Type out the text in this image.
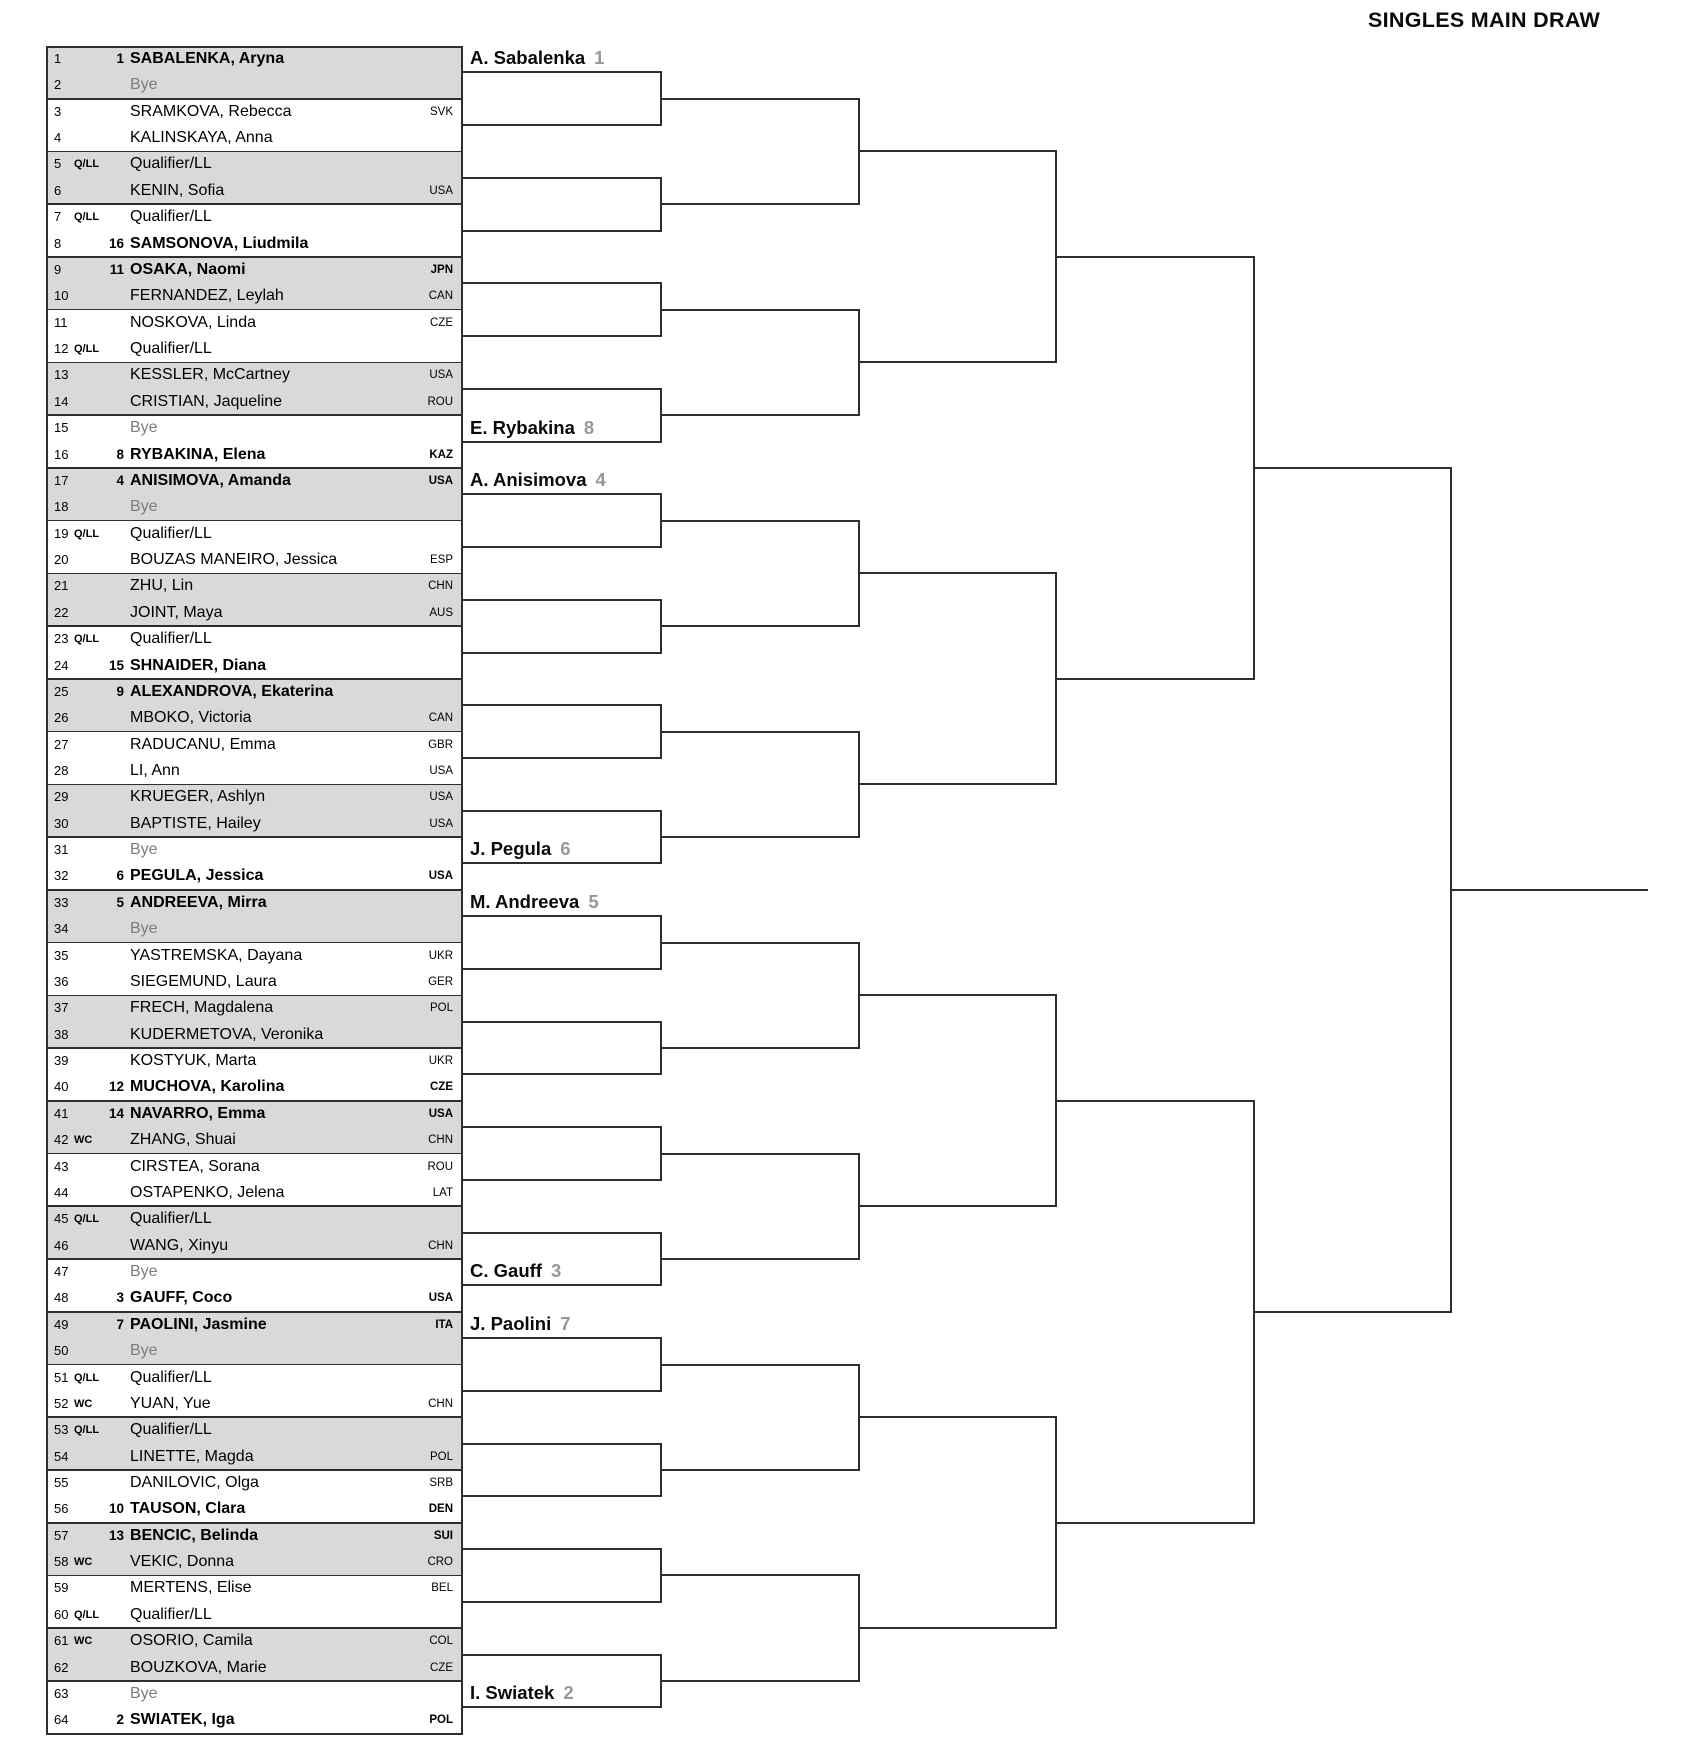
SINGLES MAIN DRAW
1	1 SABALENKA, Aryna
2	Bye
3	SRAMKOVA, Rebecca	SVK
4	KALINSKAYA, Anna
5 Q/LL Qualifier/LL
6	KENIN, Sofia	USA
7 Q/LL Qualifier/LL
8	16 SAMSONOVA, Liudmila
9	11 OSAKA, Naomi	JPN
10	FERNANDEZ, Leylah	CAN
11	NOSKOVA, Linda	CZE
12 Q/LL Qualifier/LL
13	KESSLER, McCartney	USA
14	CRISTIAN, Jaqueline	ROU
15	Bye
16	8 RYBAKINA, Elena	KAZ
17	4 ANISIMOVA, Amanda	USA
18	Bye
19 Q/LL Qualifier/LL
20	BOUZAS MANEIRO, Jessica	ESP
21	ZHU, Lin	CHN
22	JOINT, Maya	AUS
23 Q/LL Qualifier/LL
24	15 SHNAIDER, Diana
25	9 ALEXANDROVA, Ekaterina
26	MBOKO, Victoria	CAN
27	RADUCANU, Emma	GBR
28	LI, Ann	USA
29	KRUEGER, Ashlyn	USA
30	BAPTISTE, Hailey	USA
31	Bye
32	6 PEGULA, Jessica	USA
33	5 ANDREEVA, Mirra
34	Bye
35	YASTREMSKA, Dayana	UKR
36	SIEGEMUND, Laura	GER
37	FRECH, Magdalena	POL
38	KUDERMETOVA, Veronika
39	KOSTYUK, Marta	UKR
40	12 MUCHOVA, Karolina	CZE
41	14 NAVARRO, Emma	USA
42 WC ZHANG, Shuai	CHN
43	CIRSTEA, Sorana	ROU
44	OSTAPENKO, Jelena	LAT
45 Q/LL Qualifier/LL
46	WANG, Xinyu	CHN
47	Bye
48	3 GAUFF, Coco	USA
49	7 PAOLINI, Jasmine	ITA
50	Bye
51 Q/LL Qualifier/LL
52 WC YUAN, Yue	CHN
53 Q/LL Qualifier/LL
54	LINETTE, Magda	POL
55	DANILOVIC, Olga	SRB
56	10 TAUSON, Clara	DEN
57	13 BENCIC, Belinda	SUI
58 WC VEKIC, Donna	CRO
59	MERTENS, Elise	BEL
60 Q/LL Qualifier/LL
61 WC OSORIO, Camila	COL
62	BOUZKOVA, Marie	CZE
63	Bye
64	2 SWIATEK, Iga	POL
A. Sabalenka 1
E. Rybakina 8
A. Anisimova 4
J. Pegula 6
M. Andreeva 5
C. Gauff 3
J. Paolini 7
I. Swiatek 2
